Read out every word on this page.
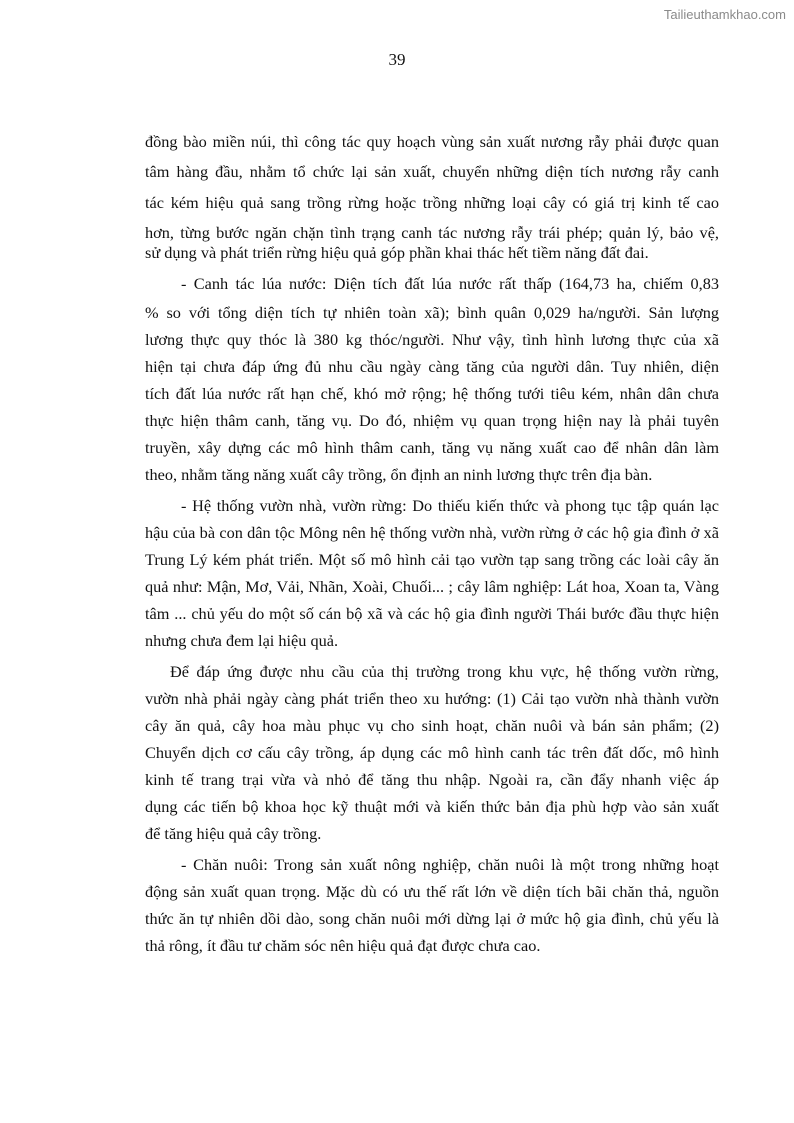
Tailieuthamkhao.com
39
đồng bào miền núi, thì công tác quy hoạch vùng sản xuất nương rẫy phải được quan
tâm hàng đầu, nhằm tổ chức lại sản xuất, chuyển những diện tích nương rẫy canh
tác kém hiệu quả sang trồng rừng hoặc trồng những loại cây có giá trị kinh tế cao
hơn, từng bước ngăn chặn tình trạng canh tác nương rẫy trái phép; quản lý, bảo vệ,
sử dụng và phát triển rừng hiệu quả góp phần khai thác hết tiềm năng đất đai.
- Canh tác lúa nước: Diện tích đất lúa nước rất thấp (164,73 ha, chiếm 0,83
% so với tổng diện tích tự nhiên toàn xã); bình quân 0,029 ha/người. Sản lượng
lương thực quy thóc là 380 kg thóc/người. Như vậy, tình hình lương thực của xã
hiện tại chưa đáp ứng đủ nhu cầu ngày càng tăng của người dân. Tuy nhiên, diện
tích đất lúa nước rất hạn chế, khó mở rộng; hệ thống tưới tiêu kém, nhân dân chưa
thực hiện thâm canh, tăng vụ. Do đó, nhiệm vụ quan trọng hiện nay là phải tuyên
truyền, xây dựng các mô hình thâm canh, tăng vụ năng xuất cao để nhân dân làm
theo, nhằm tăng năng xuất cây trồng, ổn định an ninh lương thực trên địa bàn.
- Hệ thống vườn nhà, vườn rừng: Do thiếu kiến thức và phong tục tập quán lạc
hậu của bà con dân tộc Mông nên hệ thống vườn nhà, vườn rừng ở các hộ gia đình ở xã
Trung Lý kém phát triển. Một số mô hình cải tạo vườn tạp sang trồng các loài cây ăn
quả như: Mận, Mơ, Vải, Nhãn, Xoài, Chuối... ; cây lâm nghiệp: Lát hoa, Xoan ta, Vàng
tâm ... chủ yếu do một số cán bộ xã và các hộ gia đình người Thái bước đầu thực hiện
nhưng chưa đem lại hiệu quả.
Để đáp ứng được nhu cầu của thị trường trong khu vực, hệ thống vườn rừng,
vườn nhà phải ngày càng phát triển theo xu hướng: (1) Cải tạo vườn nhà thành vườn
cây ăn quả, cây hoa màu phục vụ cho sinh hoạt, chăn nuôi và bán sản phẩm; (2)
Chuyển dịch cơ cấu cây trồng, áp dụng các mô hình canh tác trên đất dốc, mô hình
kinh tế trang trại vừa và nhỏ để tăng thu nhập. Ngoài ra, cần đẩy nhanh việc áp
dụng các tiến bộ khoa học kỹ thuật mới và kiến thức bản địa phù hợp vào sản xuất
để tăng hiệu quả cây trồng.
- Chăn nuôi: Trong sản xuất nông nghiệp, chăn nuôi là một trong những hoạt
động sản xuất quan trọng. Mặc dù có ưu thế rất lớn về diện tích bãi chăn thả, nguồn
thức ăn tự nhiên dồi dào, song chăn nuôi mới dừng lại ở mức hộ gia đình, chủ yếu là
thả rông, ít đầu tư chăm sóc nên hiệu quả đạt được chưa cao.
